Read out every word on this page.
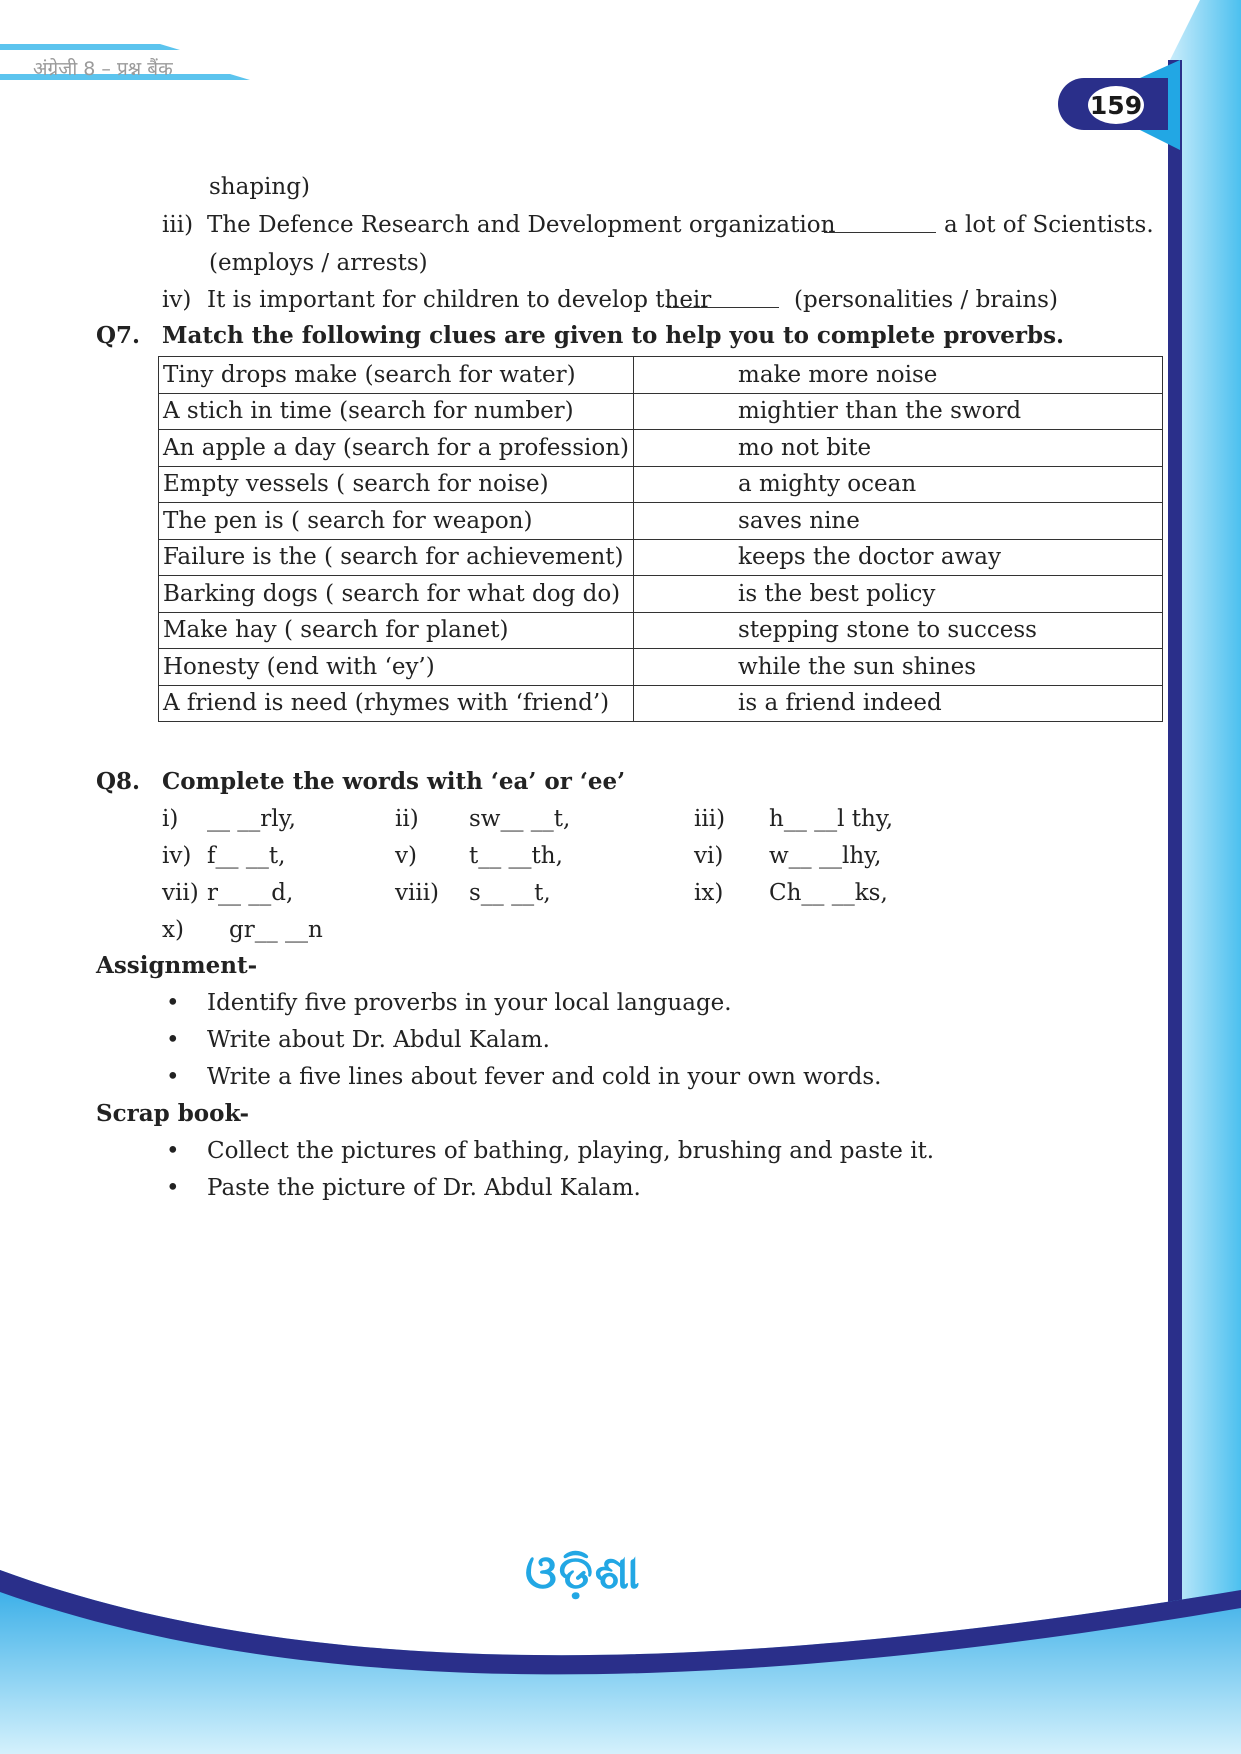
अंग्रेजी 8 – प्रश्न बैंक
159
shaping)
iii) The Defence Research and Development organization	a lot of Scientists.
(employs / arrests)
iv) It is important for children to develop their	(personalities / brains)
Q7. Match the following clues are given to help you to complete proverbs.
Tiny drops make (search for water)	make more noise
A stich in time (search for number)	mightier than the sword
An apple a day (search for a profession)	mo not bite
Empty vessels ( search for noise)	a mighty ocean
The pen is ( search for weapon)	saves nine
Failure is the ( search for achievement)	keeps the doctor away
Barking dogs ( search for what dog do)	is the best policy
Make hay ( search for planet)	stepping stone to success
Honesty (end with ‘ey’)	while the sun shines
A friend is need (rhymes with ‘friend’)	is a friend indeed
Q8. Complete the words with ‘ea’ or ‘ee’
i) __ __rly,	ii) sw__ __t,	iii) h__ __l thy,
iv) f__ __t,	v) t__ __th,	vi) w__ __lhy,
vii) r__ __d,	viii) s__ __t,	ix) Ch__ __ks,
x) gr__ __n
Assignment-
• Identify five proverbs in your local language.
• Write about Dr. Abdul Kalam.
• Write a five lines about fever and cold in your own words.
Scrap book-
• Collect the pictures of bathing, playing, brushing and paste it.
• Paste the picture of Dr. Abdul Kalam.
ଓଡ଼ିଶା
